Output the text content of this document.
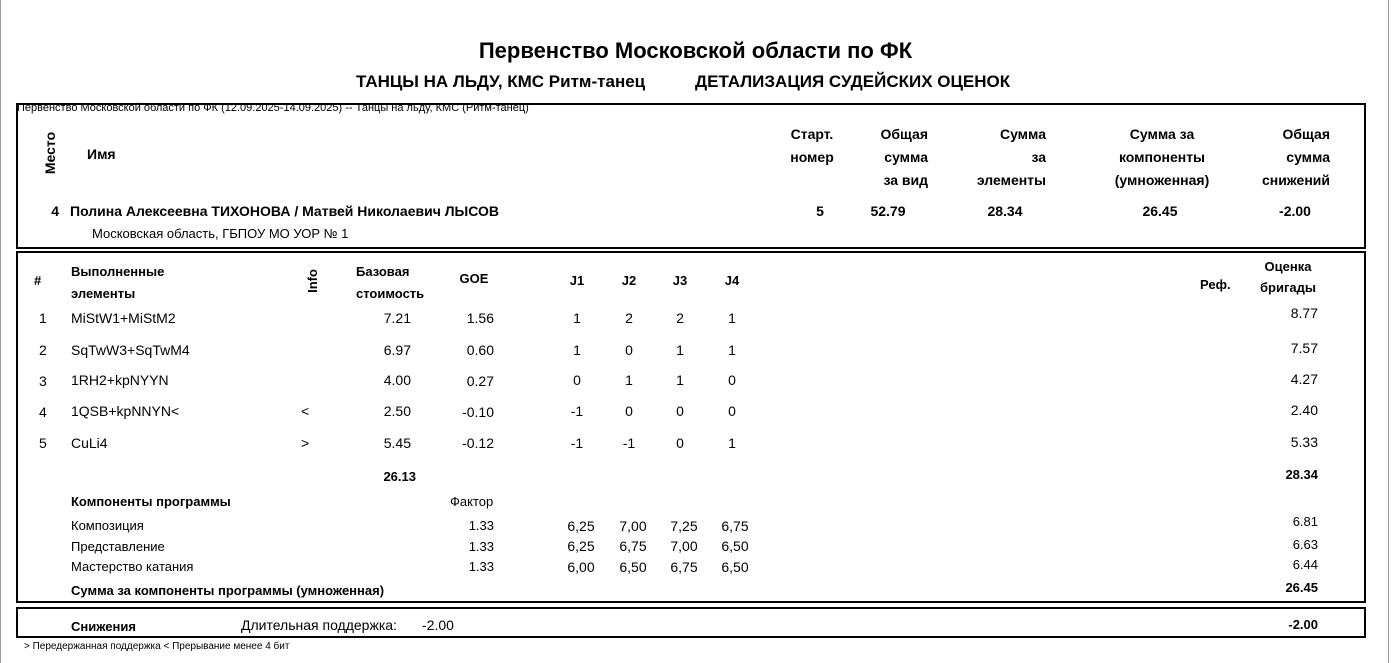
Первенство Московской области по ФК
ТАНЦЫ НА ЛЬДУ, КМС Ритм-танец	ДЕТАЛИЗАЦИЯ СУДЕЙСКИХ ОЦЕНОК
Первенство Московской области по ФК (12.09.2025-14.09.2025) -- Танцы на льду, КМС (Ритм-танец)
Место Имя
Старт.
номер
Общая
сумма
за вид
Сумма
за
элементы
Сумма за
компоненты
(умноженная)
Общая
сумма
снижений
4 Полина Алексеевна ТИХОНОВА / Матвей Николаевич ЛЫСОВ
Московская область, ГБПОУ МО УОР № 1
5	52.79	28.34	26.45	-2.00
#
Выполненные
элементы
Info	Базовая
стоимость
GOE	J1	J2	J3	J4	Реф.
Оценка
бригады
1 MiStW1+MiStM2	7.21	1.56	1	2	2	1	8.77
2 SqTwW3+SqTwM4	6.97	0.60	1	0	1	1	7.57
3 1RH2+kpNYYN	4.00	0.27	0	1	1	0	4.27
4 1QSB+kpNNYN<	<	2.50	-0.10	-1	0	0	0	2.40
5 CuLi4	>	5.45	-0.12	-1	-1	0	1	5.33
26.13	28.34
Компоненты программы	Фактор
Композиция	1.33	6,25	7,00	7,25	6,75	6.81
Представление	1.33	6,25	6,75	7,00	6,50	6.63
Мастерство катания	1.33	6,00	6,50	6,75	6,50	6.44
Сумма за компоненты программы (умноженная)	26.45
Снижения	Длительная поддержка: -2.00	-2.00
> Передержанная поддержка < Прерывание менее 4 бит
